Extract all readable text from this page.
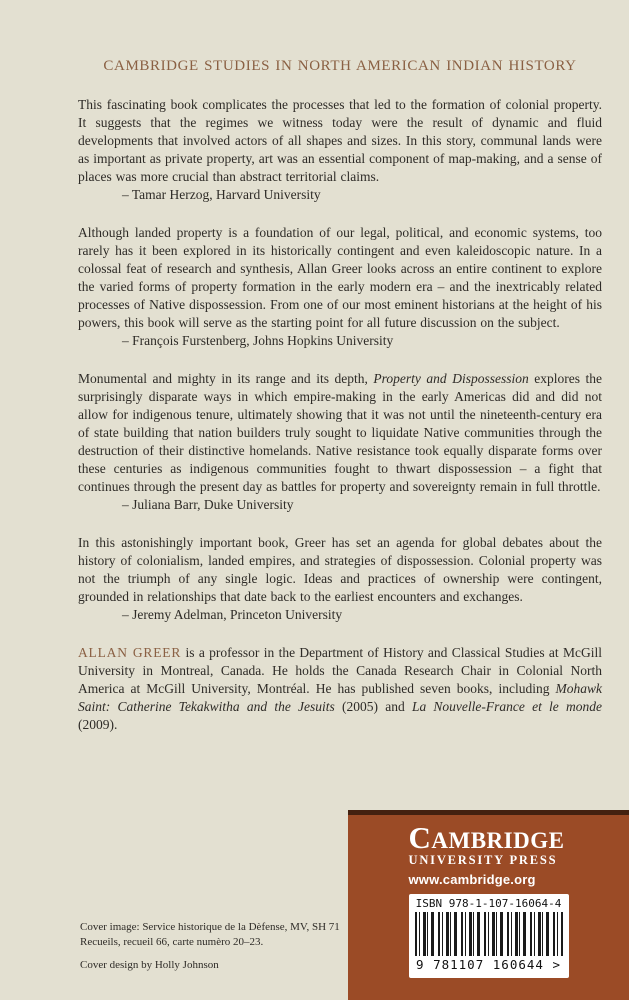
CAMBRIDGE STUDIES IN NORTH AMERICAN INDIAN HISTORY

This fascinating book complicates the processes that led to the formation of colonial property. It suggests that the regimes we witness today were the result of dynamic and fluid developments that involved actors of all shapes and sizes. In this story, communal lands were as important as private property, art was an essential component of map-making, and a sense of places was more crucial than abstract territorial claims.

– Tamar Herzog, Harvard University

Although landed property is a foundation of our legal, political, and economic systems, too rarely has it been explored in its historically contingent and even kaleidoscopic nature. In a colossal feat of research and synthesis, Allan Greer looks across an entire continent to explore the varied forms of property formation in the early modern era – and the inextricably related processes of Native dispossession. From one of our most eminent historians at the height of his powers, this book will serve as the starting point for all future discussion on the subject.

– François Furstenberg, Johns Hopkins University

Monumental and mighty in its range and its depth, Property and Dispossession explores the surprisingly disparate ways in which empire-making in the early Americas did and did not allow for indigenous tenure, ultimately showing that it was not until the nineteenth-century era of state building that nation builders truly sought to liquidate Native communities through the destruction of their distinctive homelands. Native resistance took equally disparate forms over these centuries as indigenous communities fought to thwart dispossession – a fight that continues through the present day as battles for property and sovereignty remain in full throttle.

– Juliana Barr, Duke University

In this astonishingly important book, Greer has set an agenda for global debates about the history of colonialism, landed empires, and strategies of dispossession. Colonial property was not the triumph of any single logic. Ideas and practices of ownership were contingent, grounded in relationships that date back to the earliest encounters and exchanges.

– Jeremy Adelman, Princeton University

ALLAN GREER is a professor in the Department of History and Classical Studies at McGill University in Montreal, Canada. He holds the Canada Research Chair in Colonial North America at McGill University, Montréal. He has published seven books, including Mohawk Saint: Catherine Tekakwitha and the Jesuits (2005) and La Nouvelle-France et le monde (2009).

Cover image: Service historique de la Dèfense, MV, SH 71 Recueils, recueil 66, carte numèro 20–23.

Cover design by Holly Johnson

CAMBRIDGE
UNIVERSITY PRESS
www.cambridge.org
ISBN 978-1-107-16064-4
9 781107 160644 >
